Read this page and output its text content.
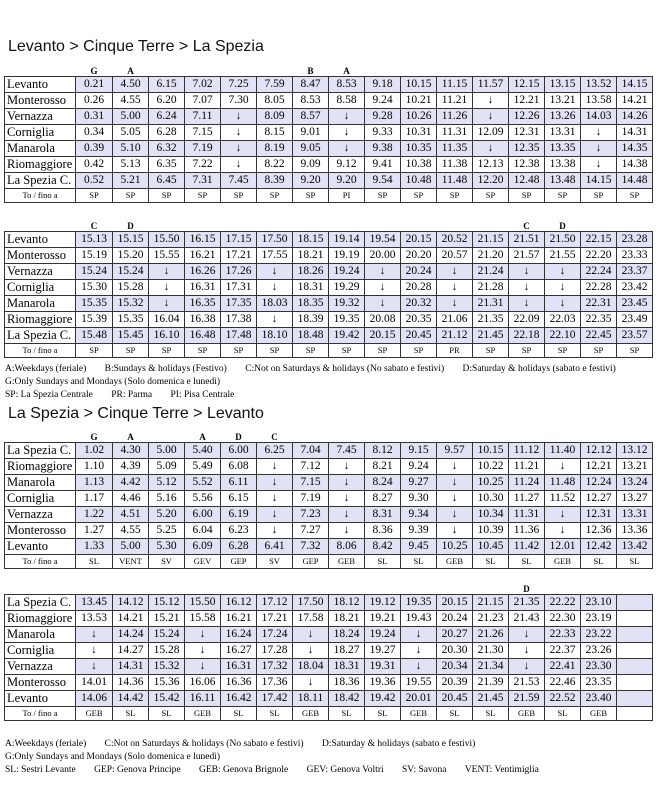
Levanto > Cinque Terre > La Spezia
	G	A					B	A								
Levanto	0.21	4.50	6.15	7.02	7.25	7.59	8.47	8.53	9.18	10.15	11.15	11.57	12.15	13.15	13.52	14.15
Monterosso	0.26	4.55	6.20	7.07	7.30	8.05	8.53	8.58	9.24	10.21	11.21	↓	12.21	13.21	13.58	14.21
Vernazza	0.31	5.00	6.24	7.11	↓	8.09	8.57	↓	9.28	10.26	11.26	↓	12.26	13.26	14.03	14.26
Corniglia	0.34	5.05	6.28	7.15	↓	8.15	9.01	↓	9.33	10.31	11.31	12.09	12.31	13.31	↓	14.31
Manarola	0.39	5.10	6.32	7.19	↓	8.19	9.05	↓	9.38	10.35	11.35	↓	12.35	13.35	↓	14.35
Riomaggiore	0.42	5.13	6.35	7.22	↓	8.22	9.09	9.12	9.41	10.38	11.38	12.13	12.38	13.38	↓	14.38
La Spezia C.	0.52	5.21	6.45	7.31	7.45	8.39	9.20	9.20	9.54	10.48	11.48	12.20	12.48	13.48	14.15	14.48
To / fino a	SP	SP	SP	SP	SP	SP	SP	PI	SP	SP	SP	SP	SP	SP	SP	SP
	C	D											C	D		
Levanto	15.13	15.15	15.50	16.15	17.15	17.50	18.15	19.14	19.54	20.15	20.52	21.15	21.51	21.50	22.15	23.28
Monterosso	15.19	15.20	15.55	16.21	17.21	17.55	18.21	19.19	20.00	20.20	20.57	21.20	21.57	21.55	22.20	23.33
Vernazza	15.24	15.24	↓	16.26	17.26	↓	18.26	19.24	↓	20.24	↓	21.24	↓	↓	22.24	23.37
Corniglia	15.30	15.28	↓	16.31	17.31	↓	18.31	19.29	↓	20.28	↓	21.28	↓	↓	22.28	23.42
Manarola	15.35	15.32	↓	16.35	17.35	18.03	18.35	19.32	↓	20.32	↓	21.31	↓	↓	22.31	23.45
Riomaggiore	15.39	15.35	16.04	16.38	17.38	↓	18.39	19.35	20.08	20.35	21.06	21.35	22.09	22.03	22.35	23.49
La Spezia C.	15.48	15.45	16.10	16.48	17.48	18.10	18.48	19.42	20.15	20.45	21.12	21.45	22.18	22.10	22.45	23.57
To / fino a	SP	SP	SP	SP	SP	SP	SP	SP	SP	SP	PR	SP	SP	SP	SP	SP

A:Weekdays (feriale) B:Sundays & holidays (Festivo) C:Not on Saturdays & holidays (No sabato e festivi) D:Saturday & holidays (sabato e festivi)

G:Only Sundays and Mondays (Solo domenica e lunedì)

SP: La Spezia Centrale PR: Parma PI: Pisa Centrale

La Spezia > Cinque Terre > Levanto
	G	A		A	D	C										
La Spezia C.	1.02	4.30	5.00	5.40	6.00	6.25	7.04	7.45	8.12	9.15	9.57	10.15	11.12	11.40	12.12	13.12
Riomaggiore	1.10	4.39	5.09	5.49	6.08	↓	7.12	↓	8.21	9.24	↓	10.22	11.21	↓	12.21	13.21
Manarola	1.13	4.42	5.12	5.52	6.11	↓	7.15	↓	8.24	9.27	↓	10.25	11.24	11.48	12.24	13.24
Corniglia	1.17	4.46	5.16	5.56	6.15	↓	7.19	↓	8.27	9.30	↓	10.30	11.27	11.52	12.27	13.27
Vernazza	1.22	4.51	5.20	6.00	6.19	↓	7.23	↓	8.31	9.34	↓	10.34	11.31	↓	12.31	13.31
Monterosso	1.27	4.55	5.25	6.04	6.23	↓	7.27	↓	8.36	9.39	↓	10.39	11.36	↓	12.36	13.36
Levanto	1.33	5.00	5.30	6.09	6.28	6.41	7.32	8.06	8.42	9.45	10.25	10.45	11.42	12.01	12.42	13.42
To / fino a	SL	VENT	SV	GEV	GEP	SV	GEP	GEB	SL	SL	GEB	SL	SL	GEB	SL	SL
													D			
La Spezia C.	13.45	14.12	15.12	15.50	16.12	17.12	17.50	18.12	19.12	19.35	20.15	21.15	21.35	22.22	23.10	
Riomaggiore	13.53	14.21	15.21	15.58	16.21	17.21	17.58	18.21	19.21	19.43	20.24	21.23	21.43	22.30	23.19	
Manarola	↓	14.24	15.24	↓	16.24	17.24	↓	18.24	19.24	↓	20.27	21.26	↓	22.33	23.22	
Corniglia	↓	14.27	15.28	↓	16.27	17.28	↓	18.27	19.27	↓	20.30	21.30	↓	22.37	23.26	
Vernazza	↓	14.31	15.32	↓	16.31	17.32	18.04	18.31	19.31	↓	20.34	21.34	↓	22.41	23.30	
Monterosso	14.01	14.36	15.36	16.06	16.36	17.36	↓	18.36	19.36	19.55	20.39	21.39	21.53	22.46	23.35	
Levanto	14.06	14.42	15.42	16.11	16.42	17.42	18.11	18.42	19.42	20.01	20.45	21.45	21.59	22.52	23.40	
To / fino a	GEB	SL	SL	GEB	SL	SL	GEB	SL	SL	GEB	SL	SL	GEB	SL	GEB	

A:Weekdays (feriale) C:Not on Saturdays & holidays (No sabato e festivi) D:Saturday & holidays (sabato e festivi)

G:Only Sundays and Mondays (Solo domenica e lunedì)

SL: Sestri Levante GEP: Genova Principe GEB: Genova Brignole GEV: Genova Voltri SV: Savona VENT: Ventimiglia
